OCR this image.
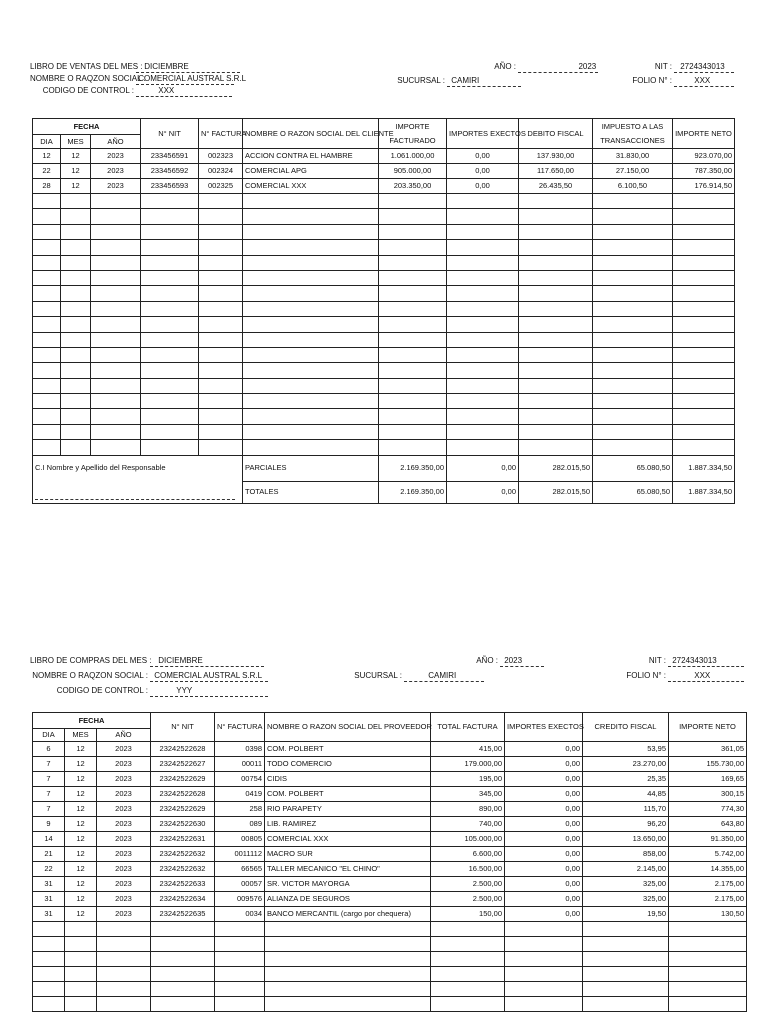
LIBRO DE VENTAS DEL MES : DICIEMBRE
NOMBRE O RAQZON SOCIAL : COMERCIAL AUSTRAL S.R.L
CODIGO DE CONTROL :	XXX
AÑO :	2023
SUCURSAL : CAMIRI
NIT : 2724343013
FOLIO N° :	XXX
FECHA			N° NIT	N° FACTURA	NOMBRE O RAZON SOCIAL DEL CLIENTE	IMPORTE	IMPORTES EXECTOS	DEBITO FISCAL	IMPUESTO A LAS	IMPORTE NETO
DIA	MES	AÑO				FACTURADO			TRANSACCIONES	
12	12	2023	233456591	002323	ACCION CONTRA EL HAMBRE	1.061.000,00	0,00	137.930,00	31.830,00	923.070,00
22	12	2023	233456592	002324	COMERCIAL APG	905.000,00	0,00	117.650,00	27.150,00	787.350,00
28	12	2023	233456593	002325	COMERCIAL XXX	203.350,00	0,00	26.435,50	6.100,50	176.914,50

C.I Nombre y Apellido del Responsable					PARCIALES	2.169.350,00	0,00	282.015,50	65.080,50	1.887.334,50
					TOTALES	2.169.350,00	0,00	282.015,50	65.080,50	1.887.334,50
LIBRO DE COMPRAS DEL MES : DICIEMBRE
NOMBRE O RAQZON SOCIAL : COMERCIAL AUSTRAL S.R.L
CODIGO DE CONTROL :	YYY
AÑO : 2023
SUCURSAL :	CAMIRI
NIT : 2724343013
FOLIO N° :	XXX
FECHA			N° NIT	N° FACTURA	NOMBRE O RAZON SOCIAL DEL PROVEEDOR	TOTAL FACTURA	IMPORTES EXECTOS	CREDITO FISCAL	IMPORTE NETO
DIA	MES	AÑO							
6	12	2023	23242522628	0398	COM. POLBERT	415,00	0,00	53,95	361,05
7	12	2023	23242522627	00011	TODO COMERCIO	179.000,00	0,00	23.270,00	155.730,00
7	12	2023	23242522629	00754	CIDIS	195,00	0,00	25,35	169,65
7	12	2023	23242522628	0419	COM. POLBERT	345,00	0,00	44,85	300,15
7	12	2023	23242522629	258	RIO PARAPETY	890,00	0,00	115,70	774,30
9	12	2023	23242522630	089	LIB. RAMIREZ	740,00	0,00	96,20	643,80
14	12	2023	23242522631	00805	COMERCIAL XXX	105.000,00	0,00	13.650,00	91.350,00
21	12	2023	23242522632	0011112	MACRO SUR	6.600,00	0,00	858,00	5.742,00
22	12	2023	23242522632	66565	TALLER MECANICO "EL CHINO"	16.500,00	0,00	2.145,00	14.355,00
31	12	2023	23242522633	00057	SR. VICTOR MAYORGA	2.500,00	0,00	325,00	2.175,00
31	12	2023	23242522634	009576	ALIANZA DE SEGUROS	2.500,00	0,00	325,00	2.175,00
31	12	2023	23242522635	0034	BANCO MERCANTIL (cargo por chequera)	150,00	0,00	19,50	130,50
